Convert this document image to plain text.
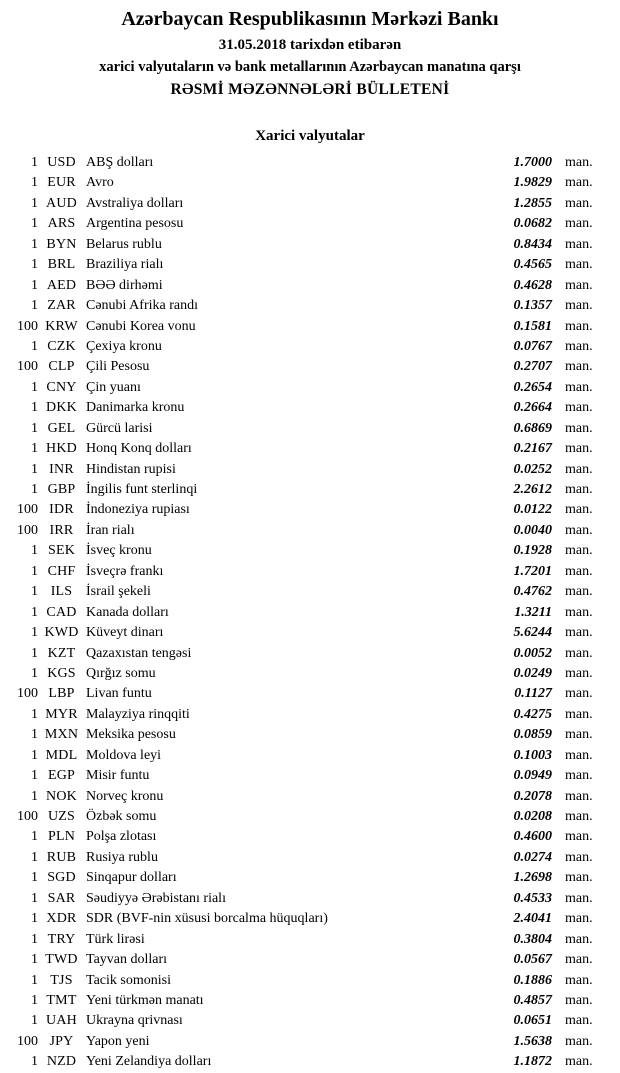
Azərbaycan Respublikasının Mərkəzi Bankı
31.05.2018 tarixdən etibarən
xarici valyutaların və bank metallarının Azərbaycan manatına qarşı
RƏSMİ MƏZƏNNƏLƏRİ BÜLLETENİ
Xarici valyutalar
1 USD ABŞ dolları	1.7000 man.
1 EUR Avro	1.9829 man.
1 AUD Avstraliya dolları	1.2855 man.
1 ARS Argentina pesosu	0.0682 man.
1 BYN Belarus rublu	0.8434 man.
1 BRL Braziliya rialı	0.4565 man.
1 AED BƏƏ dirhəmi	0.4628 man.
1 ZAR Cənubi Afrika randı	0.1357 man.
100 KRW Cənubi Korea vonu	0.1581 man.
1 CZK Çexiya kronu	0.0767 man.
100 CLP Çili Pesosu	0.2707 man.
1 CNY Çin yuanı	0.2654 man.
1 DKK Danimarka kronu	0.2664 man.
1 GEL Gürcü larisi	0.6869 man.
1 HKD Honq Konq dolları	0.2167 man.
1 INR Hindistan rupisi	0.0252 man.
1 GBP İngilis funt sterlinqi	2.2612 man.
100 IDR İndoneziya rupiası	0.0122 man.
100 IRR İran rialı	0.0040 man.
1 SEK İsveç kronu	0.1928 man.
1 CHF İsveçrə frankı	1.7201 man.
1 ILS İsrail şekeli	0.4762 man.
1 CAD Kanada dolları	1.3211 man.
1 KWD Küveyt dinarı	5.6244 man.
1 KZT Qazaxıstan tengəsi	0.0052 man.
1 KGS Qırğız somu	0.0249 man.
100 LBP Livan funtu	0.1127 man.
1 MYR Malayziya rinqqiti	0.4275 man.
1 MXN Meksika pesosu	0.0859 man.
1 MDL Moldova leyi	0.1003 man.
1 EGP Misir funtu	0.0949 man.
1 NOK Norveç kronu	0.2078 man.
100 UZS Özbək somu	0.0208 man.
1 PLN Polşa zlotası	0.4600 man.
1 RUB Rusiya rublu	0.0274 man.
1 SGD Sinqapur dolları	1.2698 man.
1 SAR Səudiyyə Ərəbistanı rialı	0.4533 man.
1 XDR SDR (BVF-nin xüsusi borcalma hüquqları)	2.4041 man.
1 TRY Türk lirəsi	0.3804 man.
1 TWD Tayvan dolları	0.0567 man.
1 TJS Tacik somonisi	0.1886 man.
1 TMT Yeni türkmən manatı	0.4857 man.
1 UAH Ukrayna qrivnası	0.0651 man.
100 JPY Yapon yeni	1.5638 man.
1 NZD Yeni Zelandiya dolları	1.1872 man.
